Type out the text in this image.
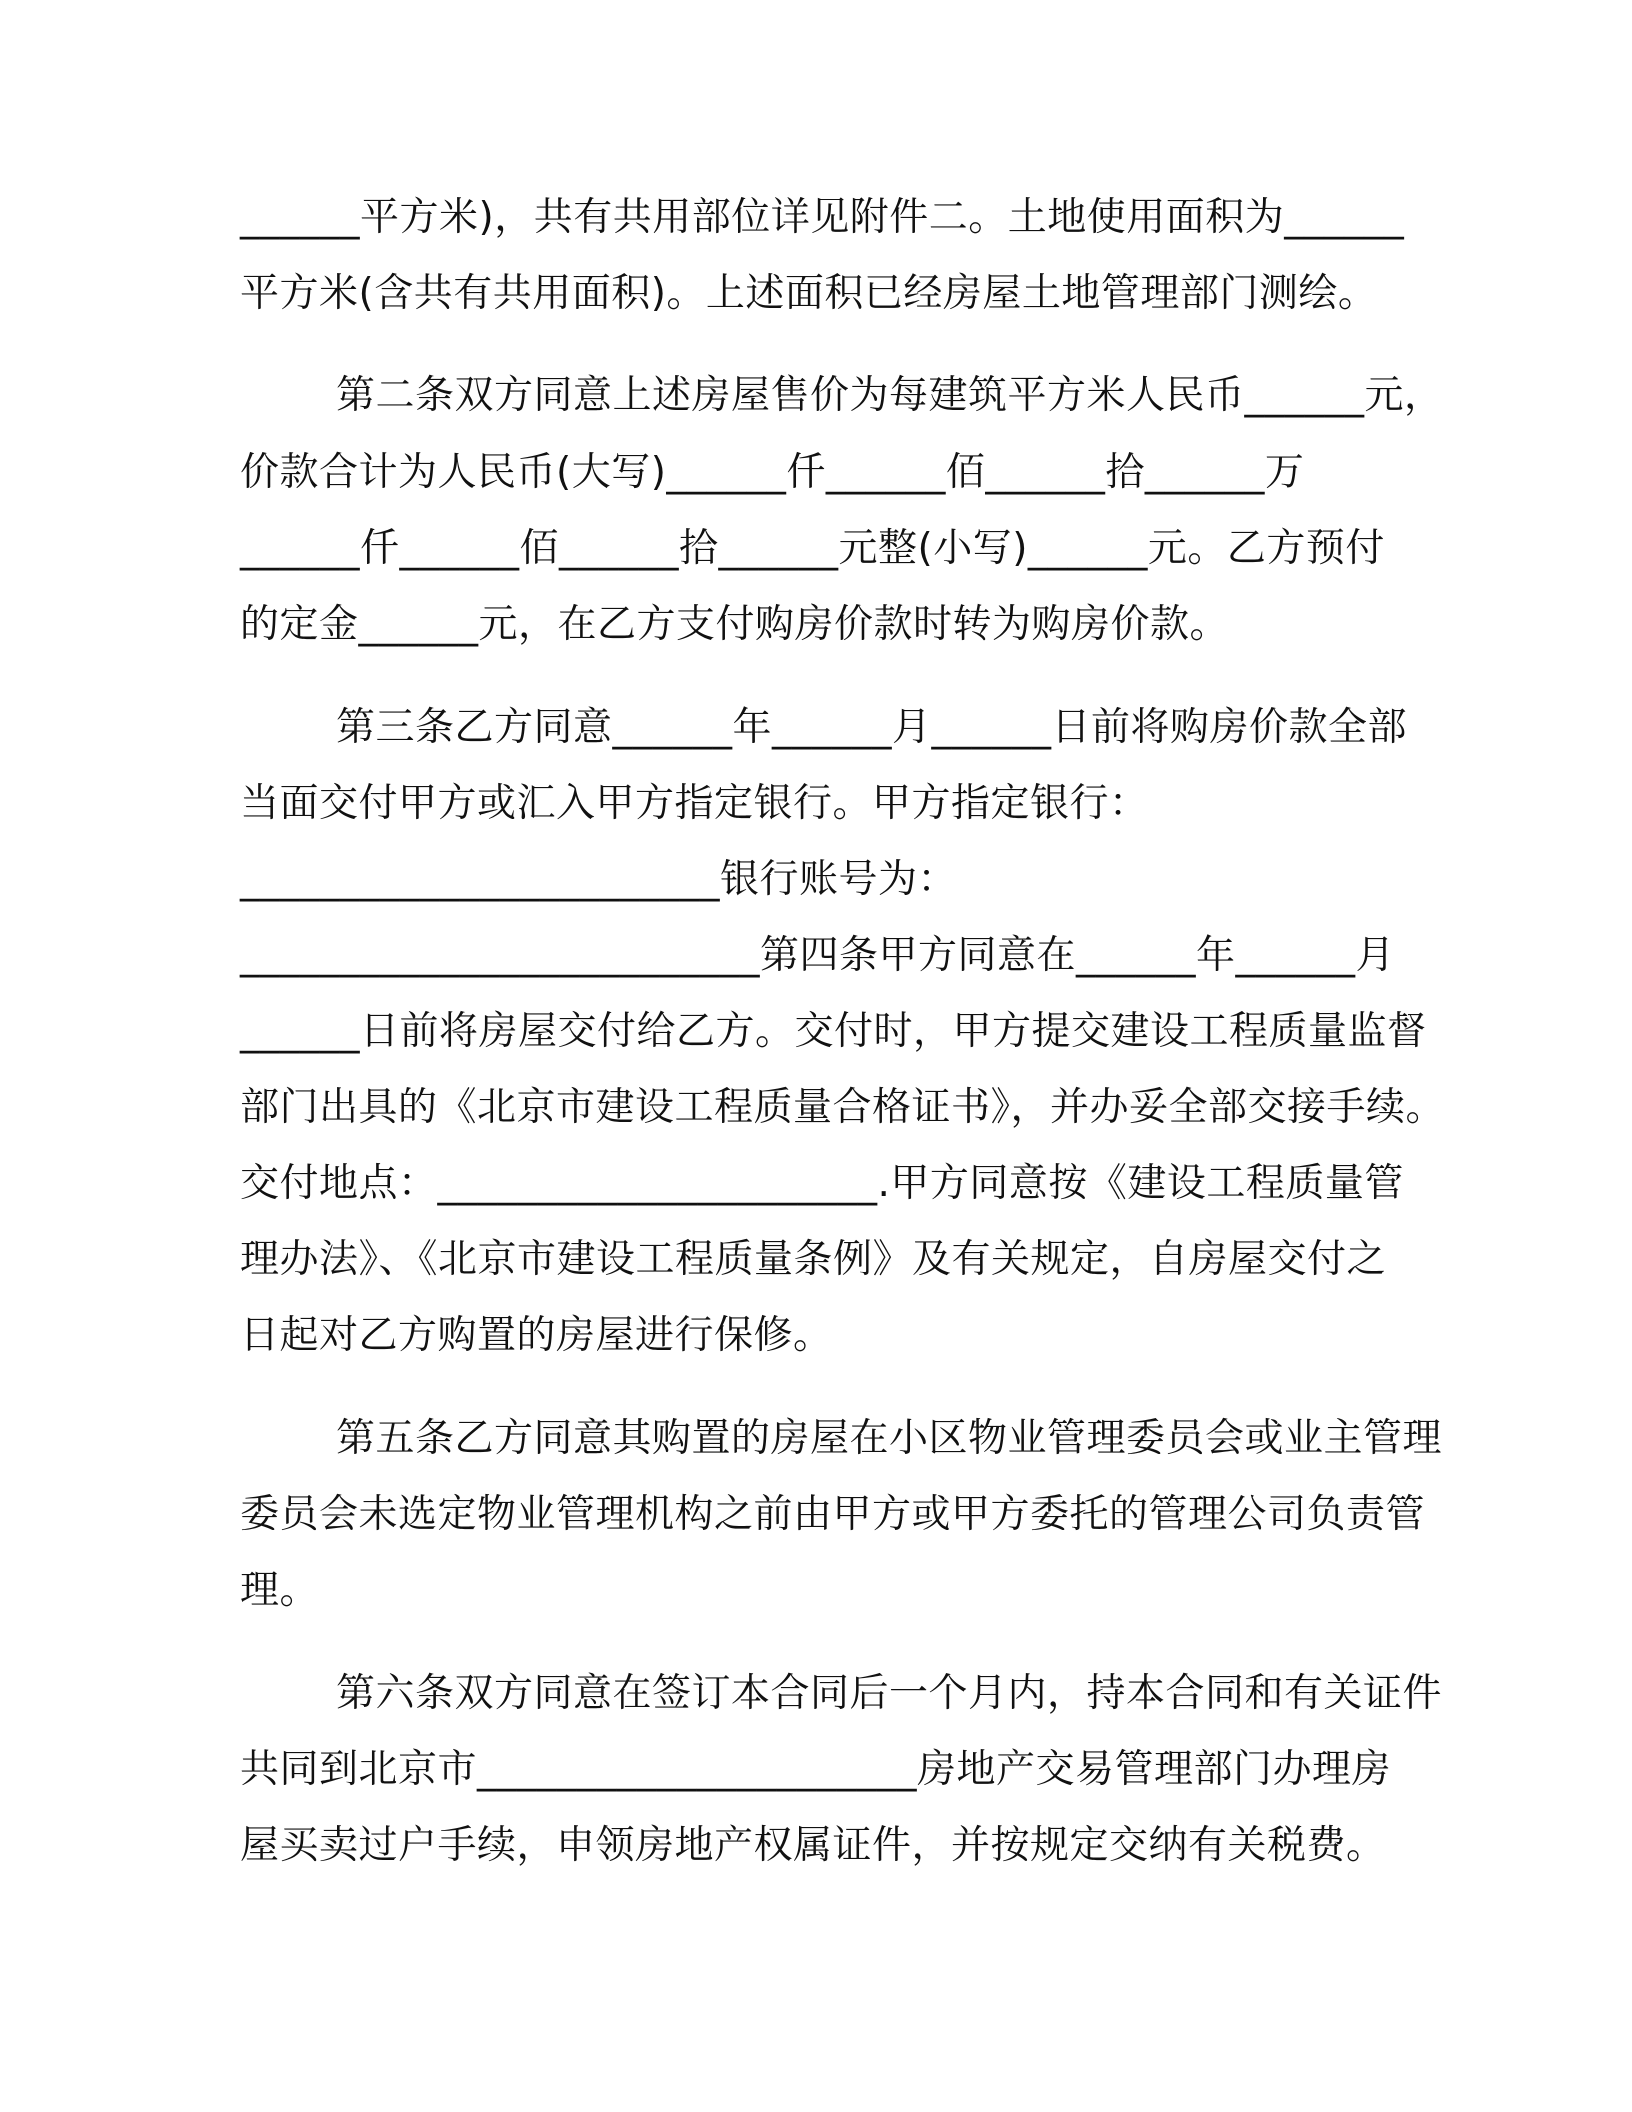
______平方米)，共有共用部位详见附件二。土地使用面积为______
平方米(含共有共用面积)。上述面积已经房屋土地管理部门测绘。
第二条双方同意上述房屋售价为每建筑平方米人民币______元，
价款合计为人民币(大写)______仟______佰______拾______万
______仟______佰______拾______元整(小写)______元。乙方预付
的定金______元，在乙方支付购房价款时转为购房价款。
第三条乙方同意______年______月______日前将购房价款全部
当面交付甲方或汇入甲方指定银行。甲方指定银行：
________________________银行账号为：
__________________________第四条甲方同意在______年______月
______日前将房屋交付给乙方。交付时，甲方提交建设工程质量监督
部门出具的《北京市建设工程质量合格证书》，并办妥全部交接手续。
交付地点：______________________.甲方同意按《建设工程质量管
理办法》、《北京市建设工程质量条例》及有关规定，自房屋交付之
日起对乙方购置的房屋进行保修。
第五条乙方同意其购置的房屋在小区物业管理委员会或业主管理
委员会未选定物业管理机构之前由甲方或甲方委托的管理公司负责管
理。
第六条双方同意在签订本合同后一个月内，持本合同和有关证件
共同到北京市______________________房地产交易管理部门办理房
屋买卖过户手续，申领房地产权属证件，并按规定交纳有关税费。
